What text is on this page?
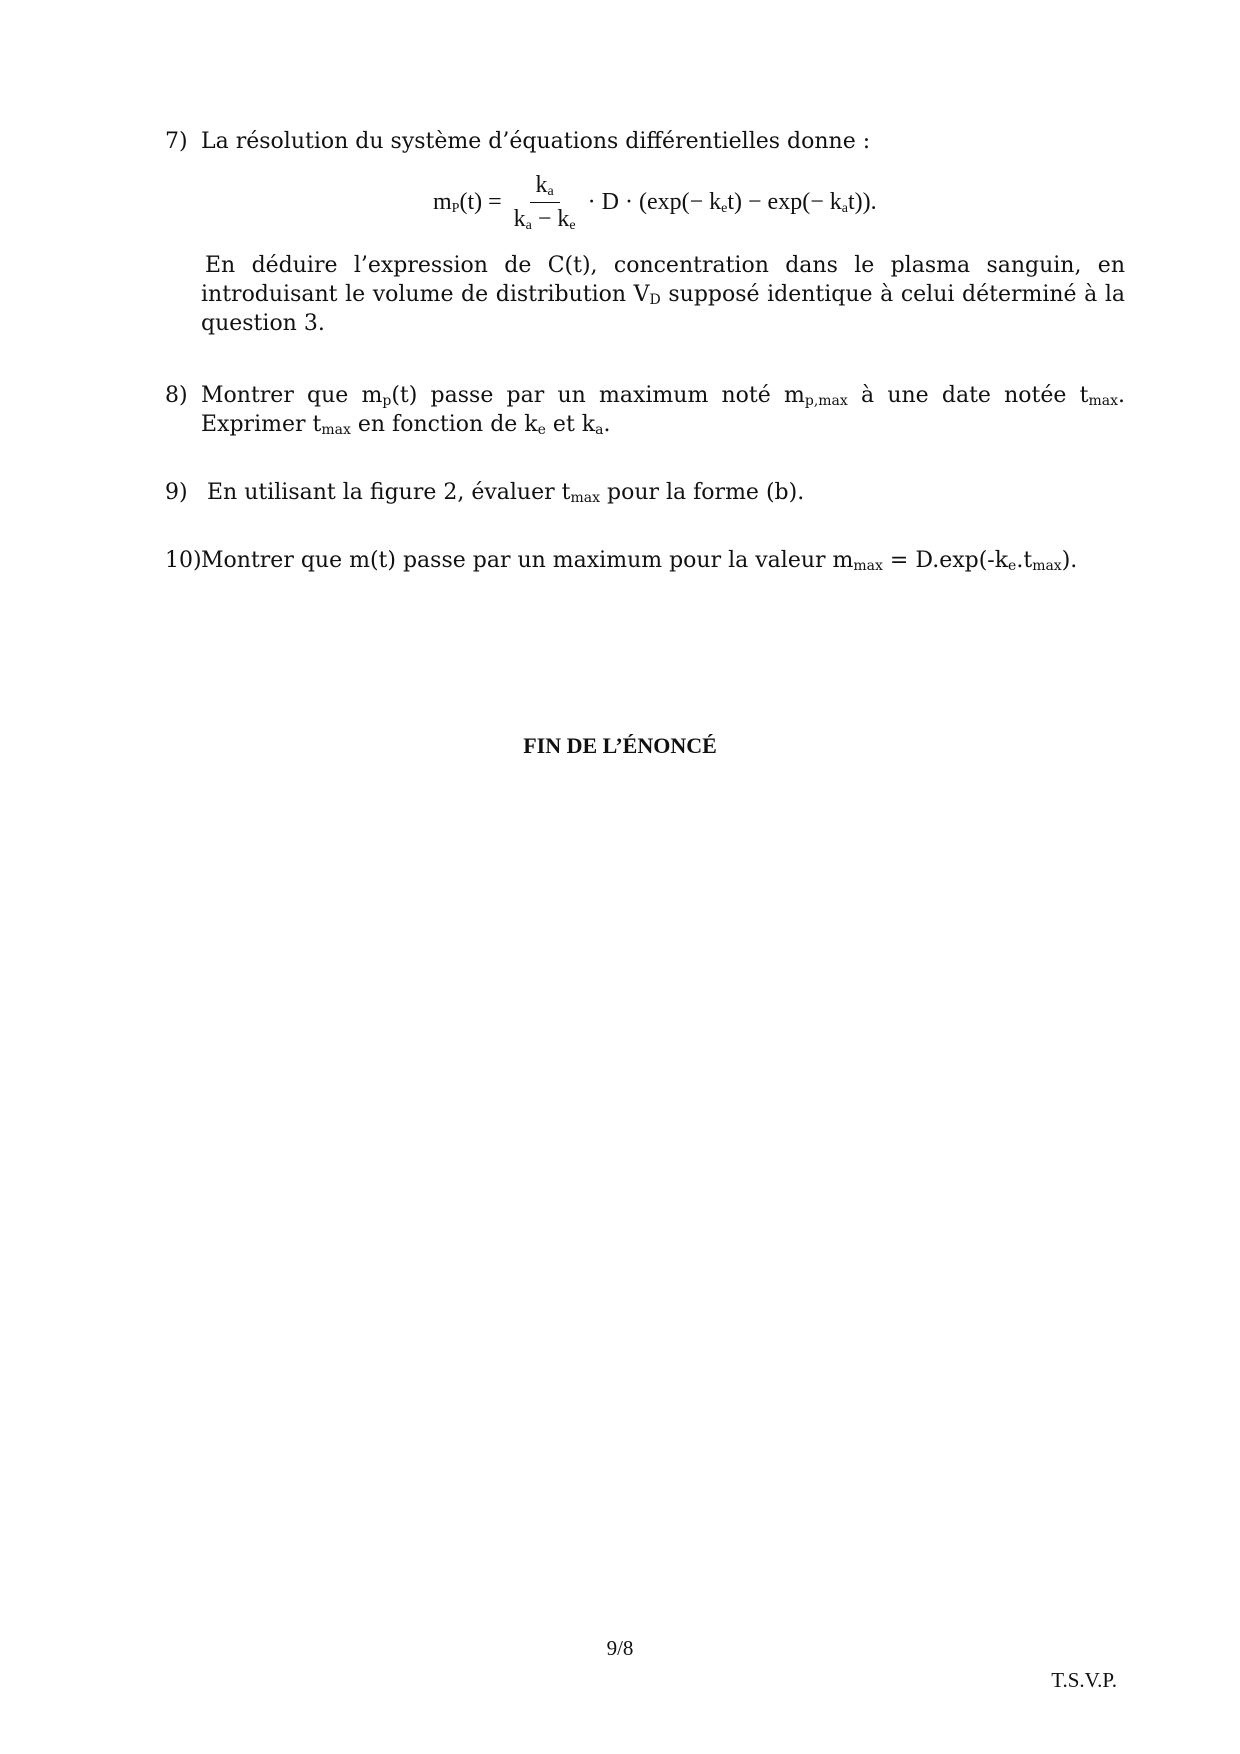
7) La résolution du système d’équations différentielles donne :
$m_P(t) = \frac{k_a}{k_a - k_e} \cdot D \cdot (\exp(- k_et) - \exp(- k_at))$.
En déduire l’expression de C(t), concentration dans le plasma sanguin, en introduisant le volume de distribution $V_D$ supposé identique à celui déterminé à la question 3.
8) Montrer que $m_p(t)$ passe par un maximum noté $m_{p,max}$ à une date notée $t_{max}$. Exprimer $t_{max}$ en fonction de $k_e$ et $k_a$.
9) En utilisant la figure 2, évaluer $t_{max}$ pour la forme (b).
10) Montrer que m(t) passe par un maximum pour la valeur $m_{max} = D.\exp(-k_e.t_{max})$.
FIN DE L’ÉNONCÉ
9/8
T.S.V.P.
